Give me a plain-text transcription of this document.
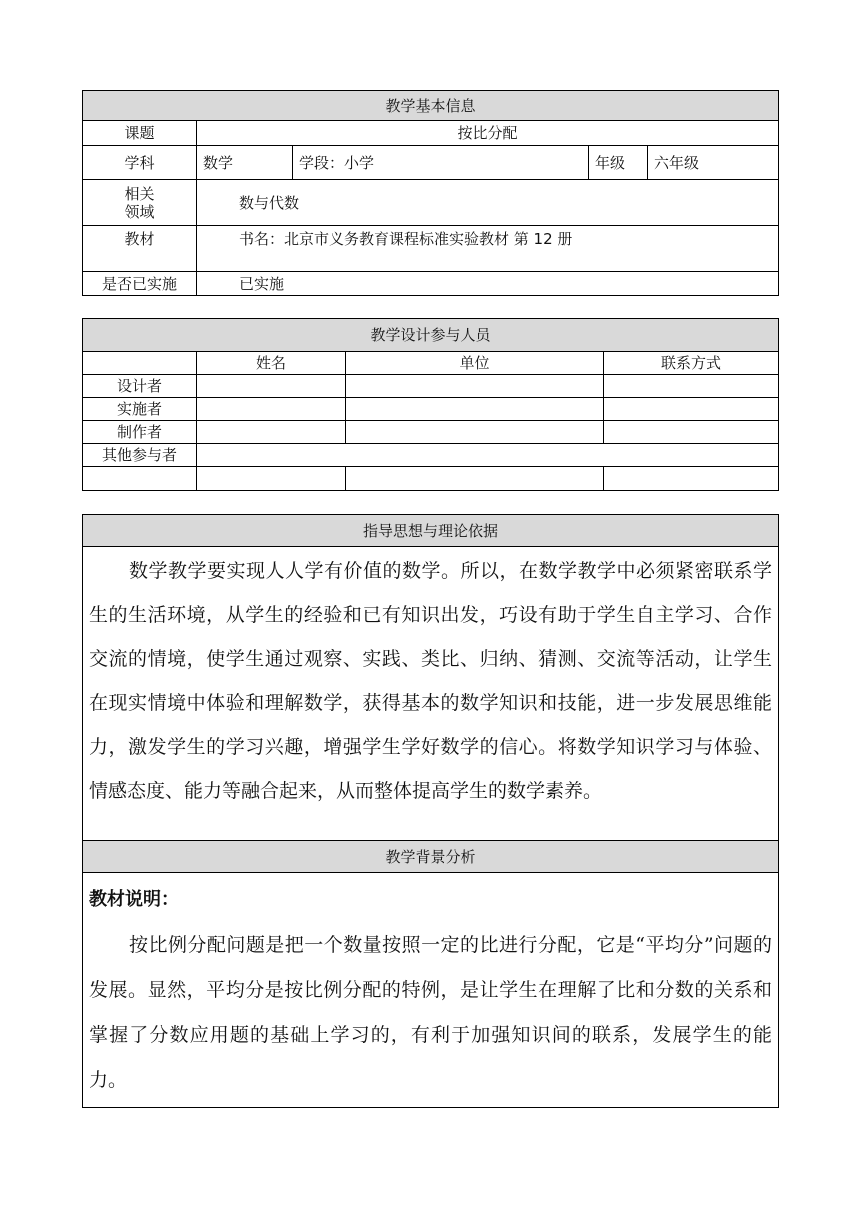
教学基本信息				
课题	按比分配			
学科	数学	学段：小学	年级	六年级

相关
领域	数与代数			
教材	书名：北京市义务教育课程标准实验教材 第 12 册			
是否已实施	已实施			
教学设计参与人员			
	姓名	单位	联系方式
设计者			
实施者			
制作者			
其他参与者			

指导思想与理论依据

数学教学要实现人人学有价值的数学。所以，在数学教学中必须紧密联系学生的生活环境，从学生的经验和已有知识出发，巧设有助于学生自主学习、合作交流的情境，使学生通过观察、实践、类比、归纳、猜测、交流等活动，让学生在现实情境中体验和理解数学，获得基本的数学知识和技能，进一步发展思维能力，激发学生的学习兴趣，增强学生学好数学的信心。将数学知识学习与体验、情感态度、能力等融合起来，从而整体提高学生的数学素养。

教学背景分析

教材说明：

按比例分配问题是把一个数量按照一定的比进行分配，它是“平均分”问题的发展。显然，平均分是按比例分配的特例，是让学生在理解了比和分数的关系和掌握了分数应用题的基础上学习的，有利于加强知识间的联系，发展学生的能力。
